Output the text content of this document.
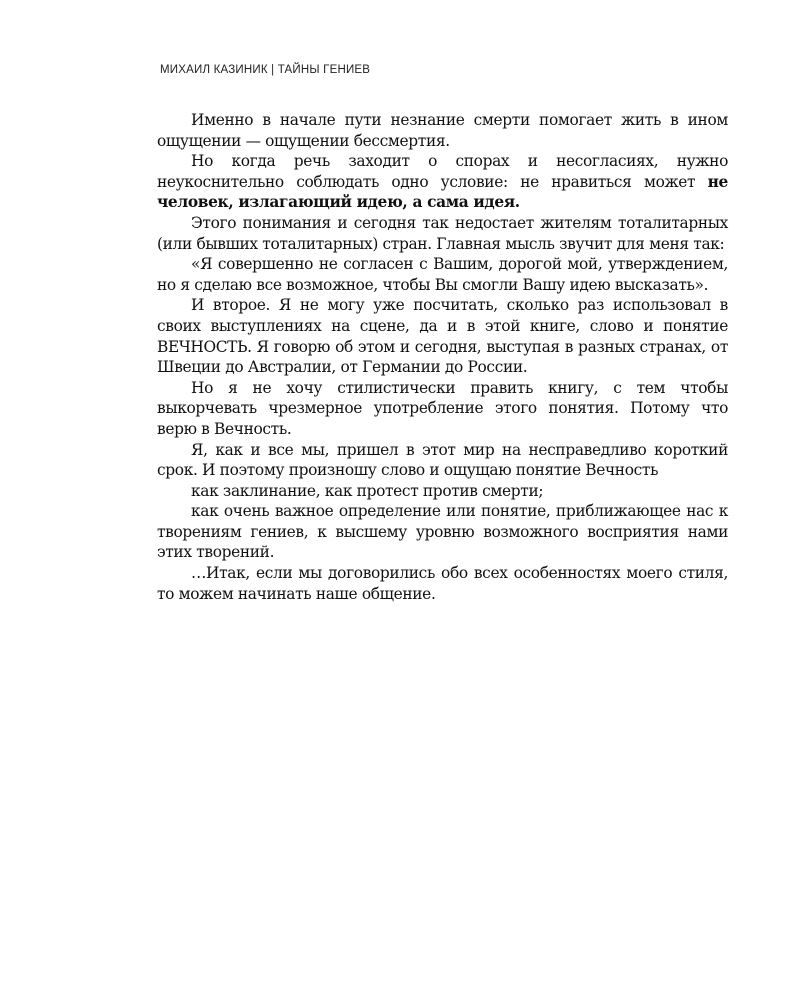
МИХАИЛ КАЗИНИК | ТАЙНЫ ГЕНИЕВ

Именно в начале пути незнание смерти помогает жить в ином ощущении — ощущении бессмертия.

Но когда речь заходит о спорах и несогласиях, нужно неукоснительно соблюдать одно условие: не нравиться может не человек, излагающий идею, а сама идея.

Этого понимания и сегодня так недостает жителям тоталитарных (или бывших тоталитарных) стран. Главная мысль звучит для меня так:

«Я совершенно не согласен с Вашим, дорогой мой, утверждением, но я сделаю все возможное, чтобы Вы смогли Вашу идею высказать».

И второе. Я не могу уже посчитать, сколько раз использовал в своих выступлениях на сцене, да и в этой книге, слово и понятие ВЕЧНОСТЬ. Я говорю об этом и сегодня, выступая в разных странах, от Швеции до Австралии, от Германии до России.

Но я не хочу стилистически править книгу, с тем чтобы выкорчевать чрезмерное употребление этого понятия. Потому что верю в Вечность.

Я, как и все мы, пришел в этот мир на несправедливо короткий срок. И поэтому произношу слово и ощущаю понятие Вечность

как заклинание, как протест против смерти;

как очень важное определение или понятие, приближающее нас к творениям гениев, к высшему уровню возможного восприятия нами этих творений.

…Итак, если мы договорились обо всех особенностях моего стиля, то можем начинать наше общение.
